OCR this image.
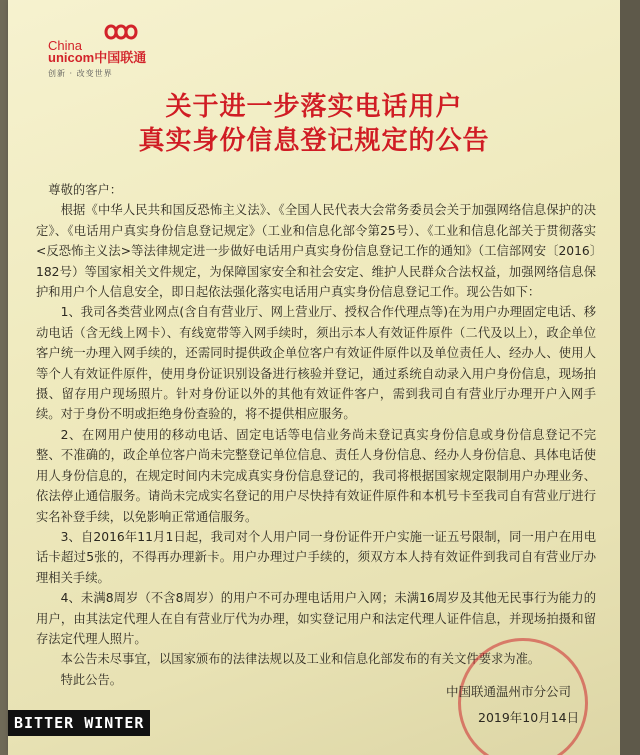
China
unicom中国联通
创新 · 改变世界
关于进一步落实电话用户
真实身份信息登记规定的公告

尊敬的客户：

根据《中华人民共和国反恐怖主义法》、《全国人民代表大会常务委员会关于加强网络信息保护的决定》、《电话用户真实身份信息登记规定》（工业和信息化部令第25号）、《工业和信息化部关于贯彻落实<反恐怖主义法>等法律规定进一步做好电话用户真实身份信息登记工作的通知》（工信部网安〔2016〕182号）等国家相关文件规定，为保障国家安全和社会安定、维护人民群众合法权益，加强网络信息保护和用户个人信息安全，即日起依法强化落实电话用户真实身份信息登记工作。现公告如下：

1、我司各类营业网点(含自有营业厅、网上营业厅、授权合作代理点等)在为用户办理固定电话、移动电话（含无线上网卡）、有线宽带等入网手续时，须出示本人有效证件原件（二代及以上），政企单位客户统一办理入网手续的，还需同时提供政企单位客户有效证件原件以及单位责任人、经办人、使用人等个人有效证件原件，使用身份证识别设备进行核验并登记，通过系统自动录入用户身份信息，现场拍摄、留存用户现场照片。针对身份证以外的其他有效证件客户，需到我司自有营业厅办理开户入网手续。对于身份不明或拒绝身份查验的，将不提供相应服务。

2、在网用户使用的移动电话、固定电话等电信业务尚未登记真实身份信息或身份信息登记不完整、不准确的，政企单位客户尚未完整登记单位信息、责任人身份信息、经办人身份信息、具体电话使用人身份信息的，在规定时间内未完成真实身份信息登记的，我司将根据国家规定限制用户办理业务、依法停止通信服务。请尚未完成实名登记的用户尽快持有效证件原件和本机号卡至我司自有营业厅进行实名补登手续，以免影响正常通信服务。

3、自2016年11月1日起，我司对个人用户同一身份证件开户实施一证五号限制，同一用户在用电话卡超过5张的，不得再办理新卡。用户办理过户手续的，须双方本人持有效证件到我司自有营业厅办理相关手续。

4、未满8周岁（不含8周岁）的用户不可办理电话用户入网；未满16周岁及其他无民事行为能力的用户，由其法定代理人在自有营业厅代为办理，如实登记用户和法定代理人证件信息，并现场拍摄和留存法定代理人照片。

本公告未尽事宜，以国家颁布的法律法规以及工业和信息化部发布的有关文件要求为准。

特此公告。

中国联通温州市分公司
2019年10月14日
BITTER WINTER
